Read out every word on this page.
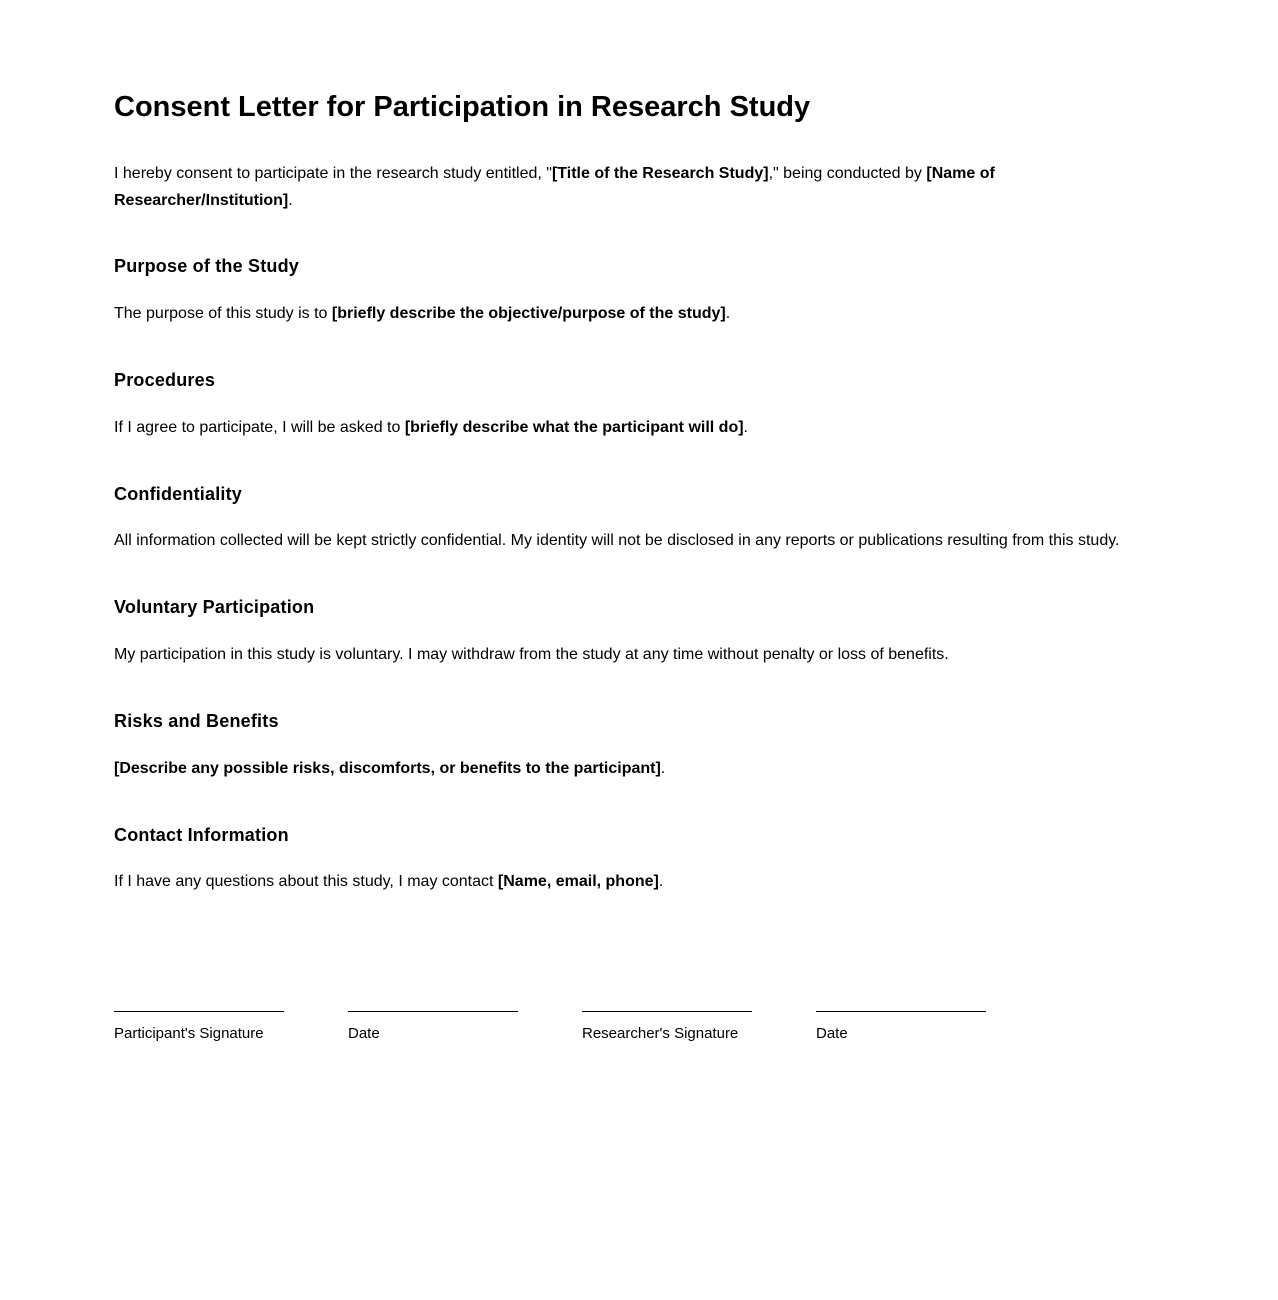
Consent Letter for Participation in Research Study

I hereby consent to participate in the research study entitled, "[Title of the Research Study]," being conducted by [Name of Researcher/Institution].

Purpose of the Study

The purpose of this study is to [briefly describe the objective/purpose of the study].

Procedures

If I agree to participate, I will be asked to [briefly describe what the participant will do].

Confidentiality

All information collected will be kept strictly confidential. My identity will not be disclosed in any reports or publications resulting from this study.

Voluntary Participation

My participation in this study is voluntary. I may withdraw from the study at any time without penalty or loss of benefits.

Risks and Benefits

[Describe any possible risks, discomforts, or benefits to the participant].

Contact Information

If I have any questions about this study, I may contact [Name, email, phone].

Participant's Signature	Date	Researcher's Signature	Date
